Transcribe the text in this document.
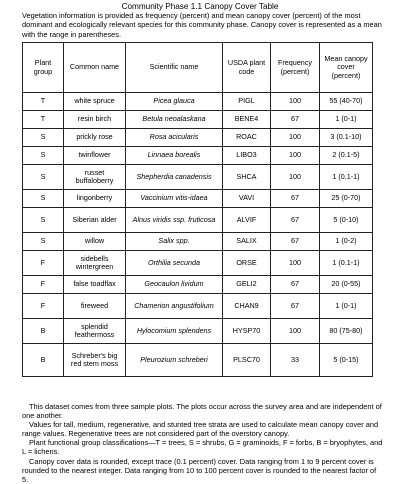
Community Phase 1.1 Canopy Cover Table
Vegetation information is provided as frequency (percent) and mean canopy cover (percent) of the most dominant and ecologically relevant species for this community phase. Canopy cover is represented as a mean with the range in parentheses.
Plant group	Common name	Scientific name	USDA plant code	Frequency (percent)	Mean canopy cover (percent)
T	white spruce	Picea glauca	PIGL	100	55 (40-70)
T	resin birch	Betula neoalaskana	BENE4	67	1 (0-1)
S	prickly rose	Rosa acicularis	ROAC	100	3 (0.1-10)
S	twinflower	Linnaea borealis	LIBO3	100	2 (0.1-5)
S	russet buffaloberry	Shepherdia canadensis	SHCA	100	1 (0.1-1)
S	lingonberry	Vaccinium vitis-idaea	VAVI	67	25 (0-70)
S	Siberian alder	Alnus viridis ssp. fruticosa	ALVIF	67	5 (0-10)
S	willow	Salix spp.	SALIX	67	1 (0-2)
F	sidebells wintergreen	Orthilia secunda	ORSE	100	1 (0.1-1)
F	false toadflax	Geocaulon lividum	GELI2	67	20 (0-55)
F	fireweed	Chamerion angustifolium	CHAN9	67	1 (0-1)
B	splendid feathermoss	Hylocomium splendens	HYSP70	100	80 (75-80)
B	Schreber's big red stem moss	Pleurozium schreberi	PLSC70	33	5 (0-15)

This dataset comes from three sample plots. The plots occur across the survey area and are independent of one another.

Values for tall, medium, regenerative, and stunted tree strata are used to calculate mean canopy cover and range values. Regenerative trees are not considered part of the overstory canopy.

Plant functional group classifications—T = trees, S = shrubs, G = graminoids, F = forbs, B = bryophytes, and L = lichens.

Canopy cover data is rounded, except trace (0.1 percent) cover. Data ranging from 1 to 9 percent cover is rounded to the nearest integer. Data ranging from 10 to 100 percent cover is rounded to the nearest factor of 5.
